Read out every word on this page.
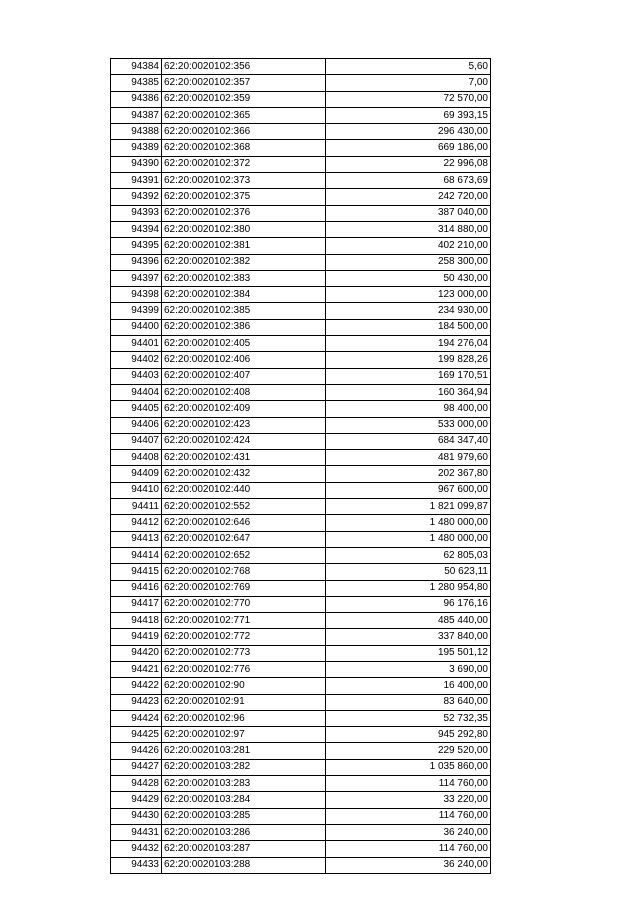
94384	62:20:0020102:356	5,60
94385	62:20:0020102:357	7,00
94386	62:20:0020102:359	72 570,00
94387	62:20:0020102:365	69 393,15
94388	62:20:0020102:366	296 430,00
94389	62:20:0020102:368	669 186,00
94390	62:20:0020102:372	22 996,08
94391	62:20:0020102:373	68 673,69
94392	62:20:0020102:375	242 720,00
94393	62:20:0020102:376	387 040,00
94394	62:20:0020102:380	314 880,00
94395	62:20:0020102:381	402 210,00
94396	62:20:0020102:382	258 300,00
94397	62:20:0020102:383	50 430,00
94398	62:20:0020102:384	123 000,00
94399	62:20:0020102:385	234 930,00
94400	62:20:0020102:386	184 500,00
94401	62:20:0020102:405	194 276,04
94402	62:20:0020102:406	199 828,26
94403	62:20:0020102:407	169 170,51
94404	62:20:0020102:408	160 364,94
94405	62:20:0020102:409	98 400,00
94406	62:20:0020102:423	533 000,00
94407	62:20:0020102:424	684 347,40
94408	62:20:0020102:431	481 979,60
94409	62:20:0020102:432	202 367,80
94410	62:20:0020102:440	967 600,00
94411	62:20:0020102:552	1 821 099,87
94412	62:20:0020102:646	1 480 000,00
94413	62:20:0020102:647	1 480 000,00
94414	62:20:0020102:652	62 805,03
94415	62:20:0020102:768	50 623,11
94416	62:20:0020102:769	1 280 954,80
94417	62:20:0020102:770	96 176,16
94418	62:20:0020102:771	485 440,00
94419	62:20:0020102:772	337 840,00
94420	62:20:0020102:773	195 501,12
94421	62:20:0020102:776	3 690,00
94422	62:20:0020102:90	16 400,00
94423	62:20:0020102:91	83 640,00
94424	62:20:0020102:96	52 732,35
94425	62:20:0020102:97	945 292,80
94426	62:20:0020103:281	229 520,00
94427	62:20:0020103:282	1 035 860,00
94428	62:20:0020103:283	114 760,00
94429	62:20:0020103:284	33 220,00
94430	62:20:0020103:285	114 760,00
94431	62:20:0020103:286	36 240,00
94432	62:20:0020103:287	114 760,00
94433	62:20:0020103:288	36 240,00
